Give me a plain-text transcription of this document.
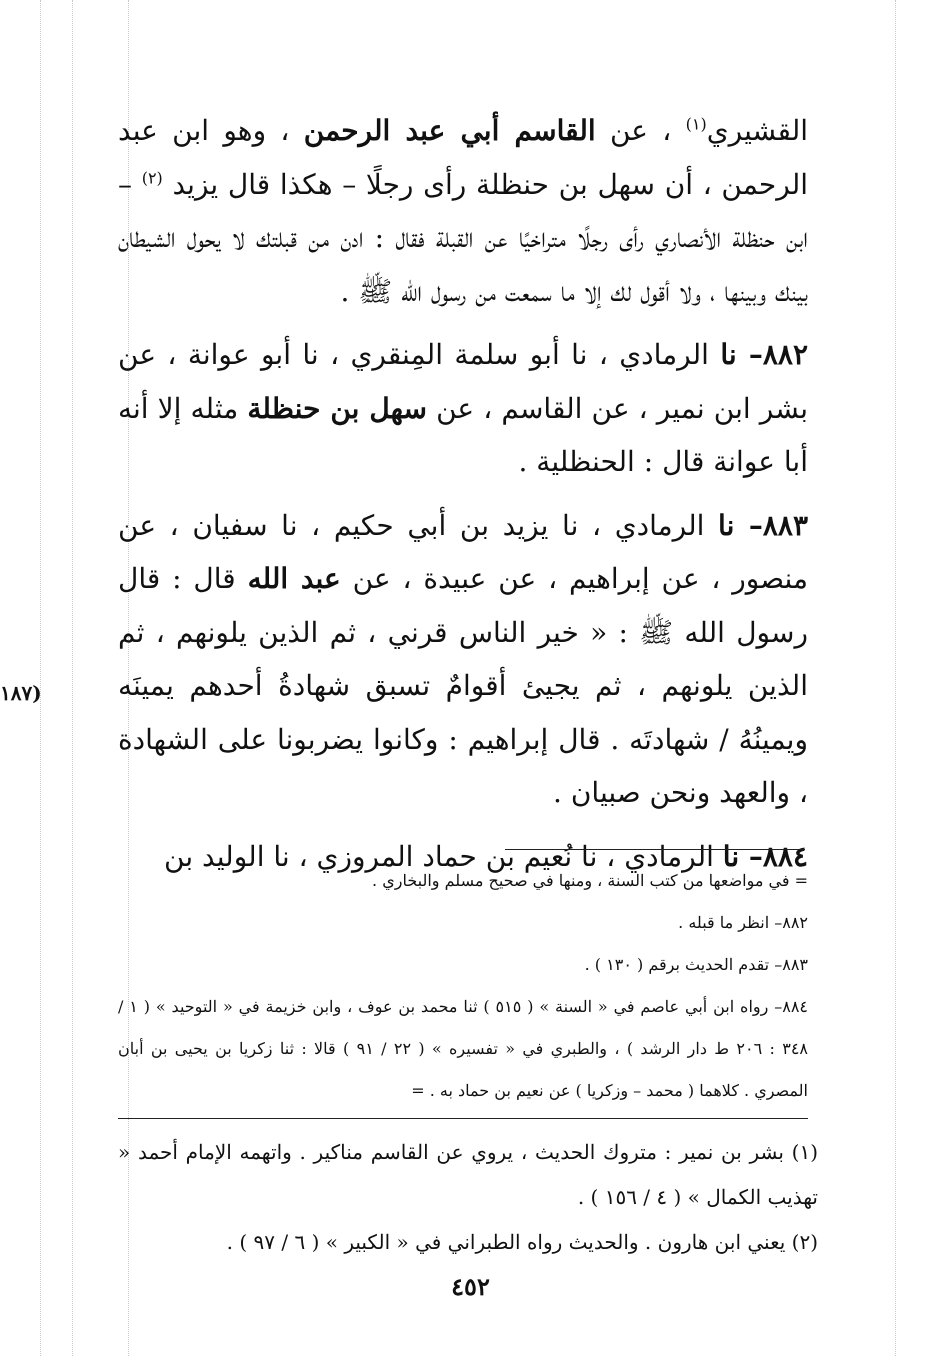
القشيري$^{(١)}$ ، عن القاسم أبي عبد الرحمن ، وهو ابن عبد الرحمن ، أن سهل بن حنظلة رأى رجلًا – هكذا قال يزيد $^{(٢)}$ – ابن حنظلة الأنصاري رأى رجلًا متراخيًا عن القبلة فقال : ادن من قبلتك لا يحول الشيطان بينك وبينها ، ولا أقول لك إلا ما سمعت من رسول الله ﷺ .

٨٨٢– نا الرمادي ، نا أبو سلمة المِنقري ، نا أبو عوانة ، عن بشر ابن نمير ، عن القاسم ، عن سهل بن حنظلة مثله إلا أنه أبا عوانة قال : الحنظلية .

٨٨٣– نا الرمادي ، نا يزيد بن أبي حكيم ، نا سفيان ، عن منصور ، عن إبراهيم ، عن عبيدة ، عن عبد الله قال : قال رسول الله ﷺ : « خير الناس قرني ، ثم الذين يلونهم ، ثم الذين يلونهم ، ثم يجيئ أقوامٌ تسبق شهادةُ أحدهم يمينَه ويمينُهُ / شهادتَه . قال إبراهيم : وكانوا يضربونا على الشهادة ، والعهد ونحن صبيان .

٨٨٤– نا الرمادي ، نا نُعيم بن حماد المروزي ، نا الوليد بن

(١٨٧

= في مواضعها من كتب السنة ، ومنها في صحيح مسلم والبخاري .

٨٨٢– انظر ما قبله .

٨٨٣– تقدم الحديث برقم ( ١٣٠ ) .

٨٨٤– رواه ابن أبي عاصم في « السنة » ( ٥١٥ ) ثنا محمد بن عوف ، وابن خزيمة في « التوحيد » ( ١ / ٣٤٨ : ٢٠٦ ط دار الرشد ) ، والطبري في « تفسيره » ( ٢٢ / ٩١ ) قالا : ثنا زكريا بن يحيى بن أبان المصري . كلاهما ( محمد – وزكريا ) عن نعيم بن حماد به . =

(١) بشر بن نمير : متروك الحديث ، يروي عن القاسم مناكير . واتهمه الإمام أحمد « تهذيب الكمال » ( ٤ / ١٥٦ ) .

(٢) يعني ابن هارون . والحديث رواه الطبراني في « الكبير » ( ٦ / ٩٧ ) .

٤٥٢
